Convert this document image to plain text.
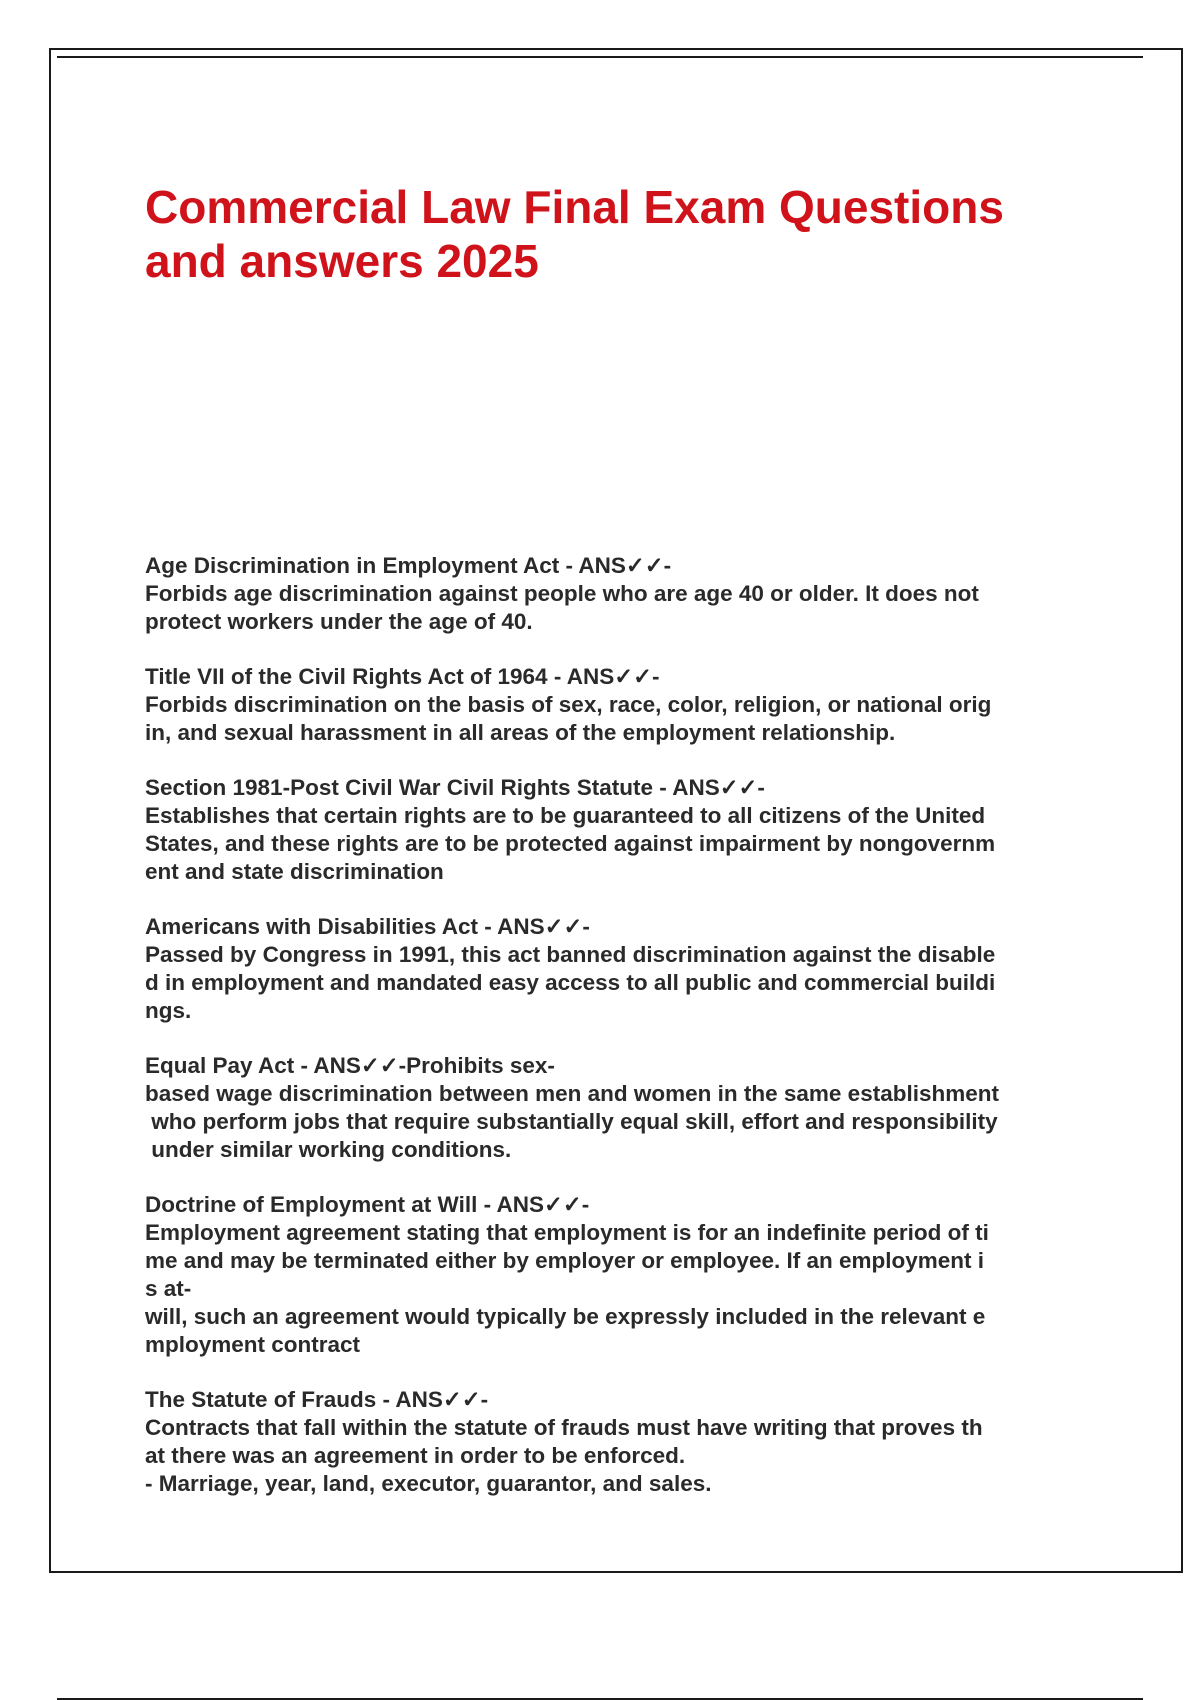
Commercial Law Final Exam Questions
and answers 2025
Age Discrimination in Employment Act - ANS✓✓-
Forbids age discrimination against people who are age 40 or older. It does not
protect workers under the age of 40.
Title VII of the Civil Rights Act of 1964 - ANS✓✓-
Forbids discrimination on the basis of sex, race, color, religion, or national orig
in, and sexual harassment in all areas of the employment relationship.
Section 1981-Post Civil War Civil Rights Statute - ANS✓✓-
Establishes that certain rights are to be guaranteed to all citizens of the United
States, and these rights are to be protected against impairment by nongovernm
ent and state discrimination
Americans with Disabilities Act - ANS✓✓-
Passed by Congress in 1991, this act banned discrimination against the disable
d in employment and mandated easy access to all public and commercial buildi
ngs.
Equal Pay Act - ANS✓✓-Prohibits sex-
based wage discrimination between men and women in the same establishment
who perform jobs that require substantially equal skill, effort and responsibility
under similar working conditions.
Doctrine of Employment at Will - ANS✓✓-
Employment agreement stating that employment is for an indefinite period of ti
me and may be terminated either by employer or employee. If an employment i
s at-
will, such an agreement would typically be expressly included in the relevant e
mployment contract
The Statute of Frauds - ANS✓✓-
Contracts that fall within the statute of frauds must have writing that proves th
at there was an agreement in order to be enforced.
- Marriage, year, land, executor, guarantor, and sales.
